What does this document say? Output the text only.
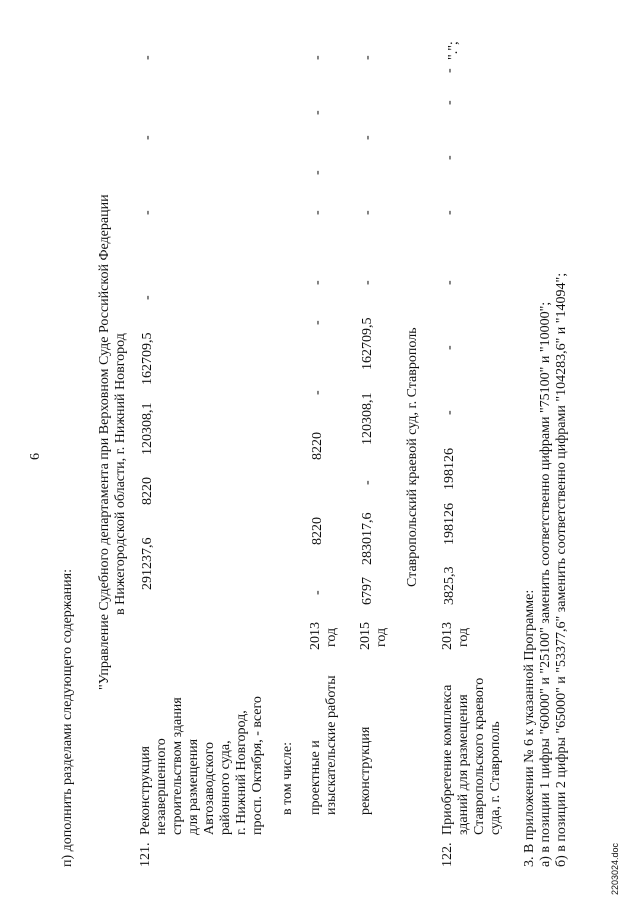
6
п) дополнить разделами следующего содержания:
"Управление Судебного департамента при Верховном Суде Российской Федерации в Нижегородской области, г. Нижний Новгород
121.
Реконструкция незавершенного строительством здания для размещения Автозаводского районного суда, г. Нижний Новгород, просп. Октября, - всего
291237,6
8220
120308,1
162709,5
-
-
-
-
в том числе: проектные и изыскательские работы
2013 год
-
8220
8220
-
-
-
-
-
-
-
реконструкция
2015 год
6797
283017,6
-
120308,1
162709,5
-
-
-
-
Ставропольский краевой суд, г. Ставрополь
122.
Приобретение комплекса зданий для размещения Ставропольского краевого суда, г. Ставрополь
2013 год
3825,3
198126
198126
-
-
-
-
-
-
-
".";
3. В приложении № 6 к указанной Программе: а) в позиции 1 цифры "60000" и "25100" заменить соответственно цифрами "75100" и "10000"; б) в позиции 2 цифры "65000" и "53377,6" заменить соответственно цифрами "104283,6" и "14094";
2203024.doc
